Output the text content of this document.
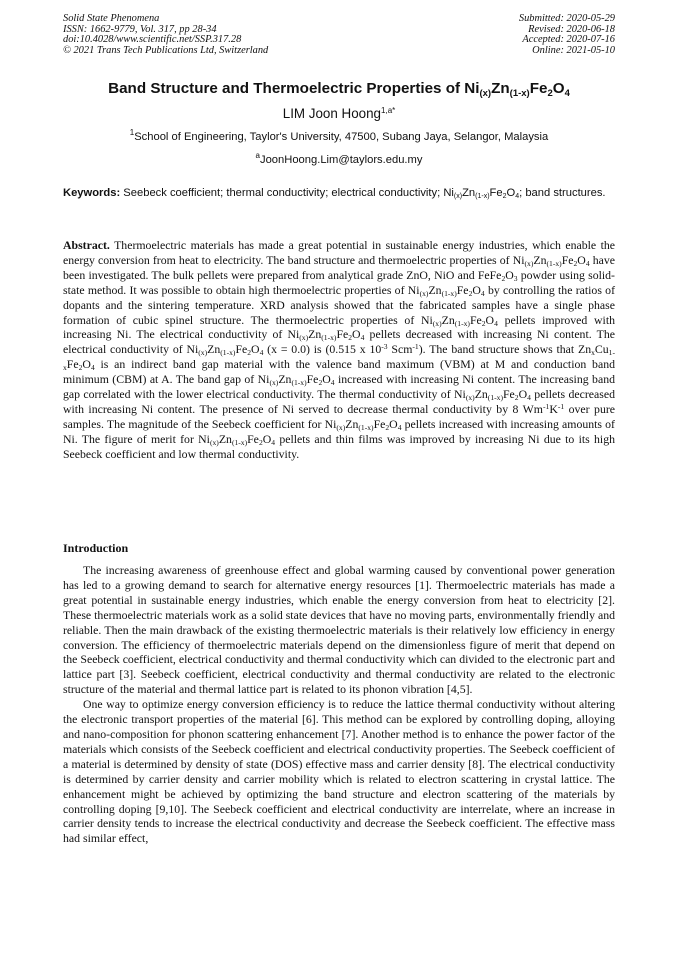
Solid State Phenomena
ISSN: 1662-9779, Vol. 317, pp 28-34
doi:10.4028/www.scientific.net/SSP.317.28
© 2021 Trans Tech Publications Ltd, Switzerland
Submitted: 2020-05-29
Revised: 2020-06-18
Accepted: 2020-07-16
Online: 2021-05-10
Band Structure and Thermoelectric Properties of $Ni_{(x)}Zn_{(1-x)}Fe_2O_4$
LIM Joon Hoong$^{1,a*}$
$^1$School of Engineering, Taylor's University, 47500, Subang Jaya, Selangor, Malaysia
$^a$JoonHoong.Lim@taylors.edu.my
Keywords: Seebeck coefficient; thermal conductivity; electrical conductivity; $Ni_{(x)}Zn_{(1-x)}Fe_2O_4$; band structures.
Abstract. Thermoelectric materials has made a great potential in sustainable energy industries, which enable the energy conversion from heat to electricity. The band structure and thermoelectric properties of $Ni_{(x)}Zn_{(1-x)}Fe_2O_4$ have been investigated. The bulk pellets were prepared from analytical grade ZnO, NiO and $FeFe_2O_3$ powder using solid-state method. It was possible to obtain high thermoelectric properties of $Ni_{(x)}Zn_{(1-x)}Fe_2O_4$ by controlling the ratios of dopants and the sintering temperature. XRD analysis showed that the fabricated samples have a single phase formation of cubic spinel structure. The thermoelectric properties of $Ni_{(x)}Zn_{(1-x)}Fe_2O_4$ pellets improved with increasing Ni. The electrical conductivity of $Ni_{(x)}Zn_{(1-x)}Fe_2O_4$ pellets decreased with increasing Ni content. The electrical conductivity of $Ni_{(x)}Zn_{(1-x)}Fe_2O_4$ (x = 0.0) is (0.515 x $10^{-3}$ Scm$^{-1}$). The band structure shows that $Zn_xCu_{1-x}Fe_2O_4$ is an indirect band gap material with the valence band maximum (VBM) at M and conduction band minimum (CBM) at A. The band gap of $Ni_{(x)}Zn_{(1-x)}Fe_2O_4$ increased with increasing Ni content. The increasing band gap correlated with the lower electrical conductivity. The thermal conductivity of $Ni_{(x)}Zn_{(1-x)}Fe_2O_4$ pellets decreased with increasing Ni content. The presence of Ni served to decrease thermal conductivity by 8 $Wm^{-1}K^{-1}$ over pure samples. The magnitude of the Seebeck coefficient for $Ni_{(x)}Zn_{(1-x)}Fe_2O_4$ pellets increased with increasing amounts of Ni. The figure of merit for $Ni_{(x)}Zn_{(1-x)}Fe_2O_4$ pellets and thin films was improved by increasing Ni due to its high Seebeck coefficient and low thermal conductivity.
Introduction

The increasing awareness of greenhouse effect and global warming caused by conventional power generation has led to a growing demand to search for alternative energy resources [1]. Thermoelectric materials has made a great potential in sustainable energy industries, which enable the energy conversion from heat to electricity [2]. These thermoelectric materials work as a solid state devices that have no moving parts, environmentally friendly and reliable. Then the main drawback of the existing thermoelectric materials is their relatively low efficiency in energy conversion. The efficiency of thermoelectric materials depend on the dimensionless figure of merit that depend on the Seebeck coefficient, electrical conductivity and thermal conductivity which can divided to the electronic part and lattice part [3]. Seebeck coefficient, electrical conductivity and thermal conductivity are related to the electronic structure of the material and thermal lattice part is related to its phonon vibration [4,5].

One way to optimize energy conversion efficiency is to reduce the lattice thermal conductivity without altering the electronic transport properties of the material [6]. This method can be explored by controlling doping, alloying and nano-composition for phonon scattering enhancement [7]. Another method is to enhance the power factor of the materials which consists of the Seebeck coefficient and electrical conductivity properties. The Seebeck coefficient of a material is determined by density of state (DOS) effective mass and carrier density [8]. The electrical conductivity is determined by carrier density and carrier mobility which is related to electron scattering in crystal lattice. The enhancement might be achieved by optimizing the band structure and electron scattering of the materials by controlling doping [9,10]. The Seebeck coefficient and electrical conductivity are interrelate, where an increase in carrier density tends to increase the electrical conductivity and decrease the Seebeck coefficient. The effective mass had similar effect,
